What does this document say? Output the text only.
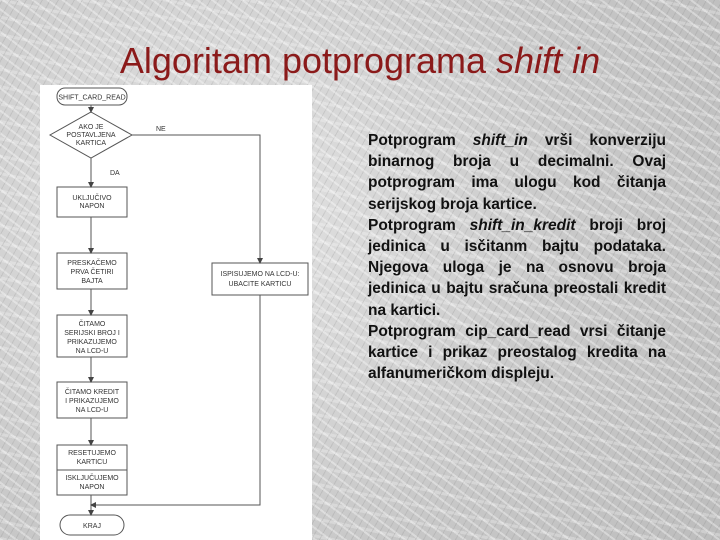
Algoritam potprograma shift in
SHIFT_CARD_READ
AKO JE
POSTAVLJENA
KARTICA
NE
DA
UKLJUČIVO
NAPON
PRESKAČEMO
PRVA ČETIRI
BAJTA
ČITAMO
SERIJSKI BROJ I
PRIKAZUJEMO
NA LCD-U
ČITAMO KREDIT
I PRIKAZUJEMO
NA LCD-U
RESETUJEMO
KARTICU
ISKLJUČUJEMO
NAPON
ISPISUJEMO NA LCD-U:
UBACITE KARTICU
KRAJ

Potprogram shift_in vrši konverziju binarnog broja u decimalni. Ovaj potprogram ima ulogu kod čitanja serijskog broja kartice.

Potprogram shift_in_kredit broji broj jedinica u isčitanm bajtu podataka. Njegova uloga je na osnovu broja jedinica u bajtu sračuna preostali kredit na kartici.

Potprogram cip_card_read vrsi čitanje kartice i prikaz preostalog kredita na alfanumeričkom displeju.
